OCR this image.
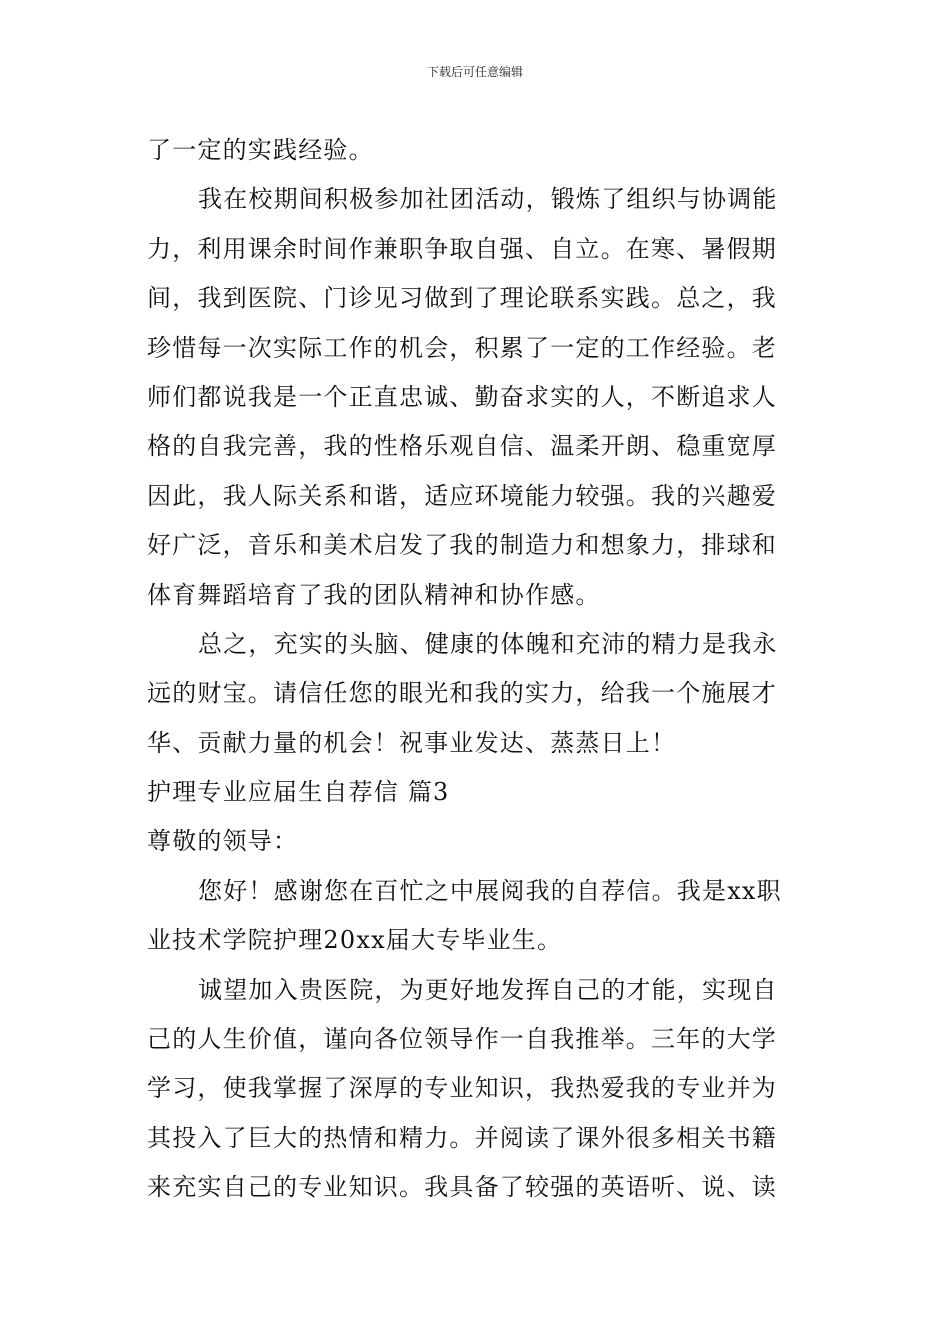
下载后可任意编辑
了一定的实践经验。
我在校期间积极参加社团活动，锻炼了组织与协调能
力，利用课余时间作兼职争取自强、自立。在寒、暑假期
间，我到医院、门诊见习做到了理论联系实践。总之，我
珍惜每一次实际工作的机会，积累了一定的工作经验。老
师们都说我是一个正直忠诚、勤奋求实的人，不断追求人
格的自我完善，我的性格乐观自信、温柔开朗、稳重宽厚
因此，我人际关系和谐，适应环境能力较强。我的兴趣爱
好广泛，音乐和美术启发了我的制造力和想象力，排球和
体育舞蹈培育了我的团队精神和协作感。
总之，充实的头脑、健康的体魄和充沛的精力是我永
远的财宝。请信任您的眼光和我的实力，给我一个施展才
华、贡献力量的机会！祝事业发达、蒸蒸日上！
护理专业应届生自荐信 篇3
尊敬的领导：
您好！感谢您在百忙之中展阅我的自荐信。我是xx职
业技术学院护理20xx届大专毕业生。
诚望加入贵医院，为更好地发挥自己的才能，实现自
己的人生价值，谨向各位领导作一自我推举。三年的大学
学习，使我掌握了深厚的专业知识，我热爱我的专业并为
其投入了巨大的热情和精力。并阅读了课外很多相关书籍
来充实自己的专业知识。我具备了较强的英语听、说、读
